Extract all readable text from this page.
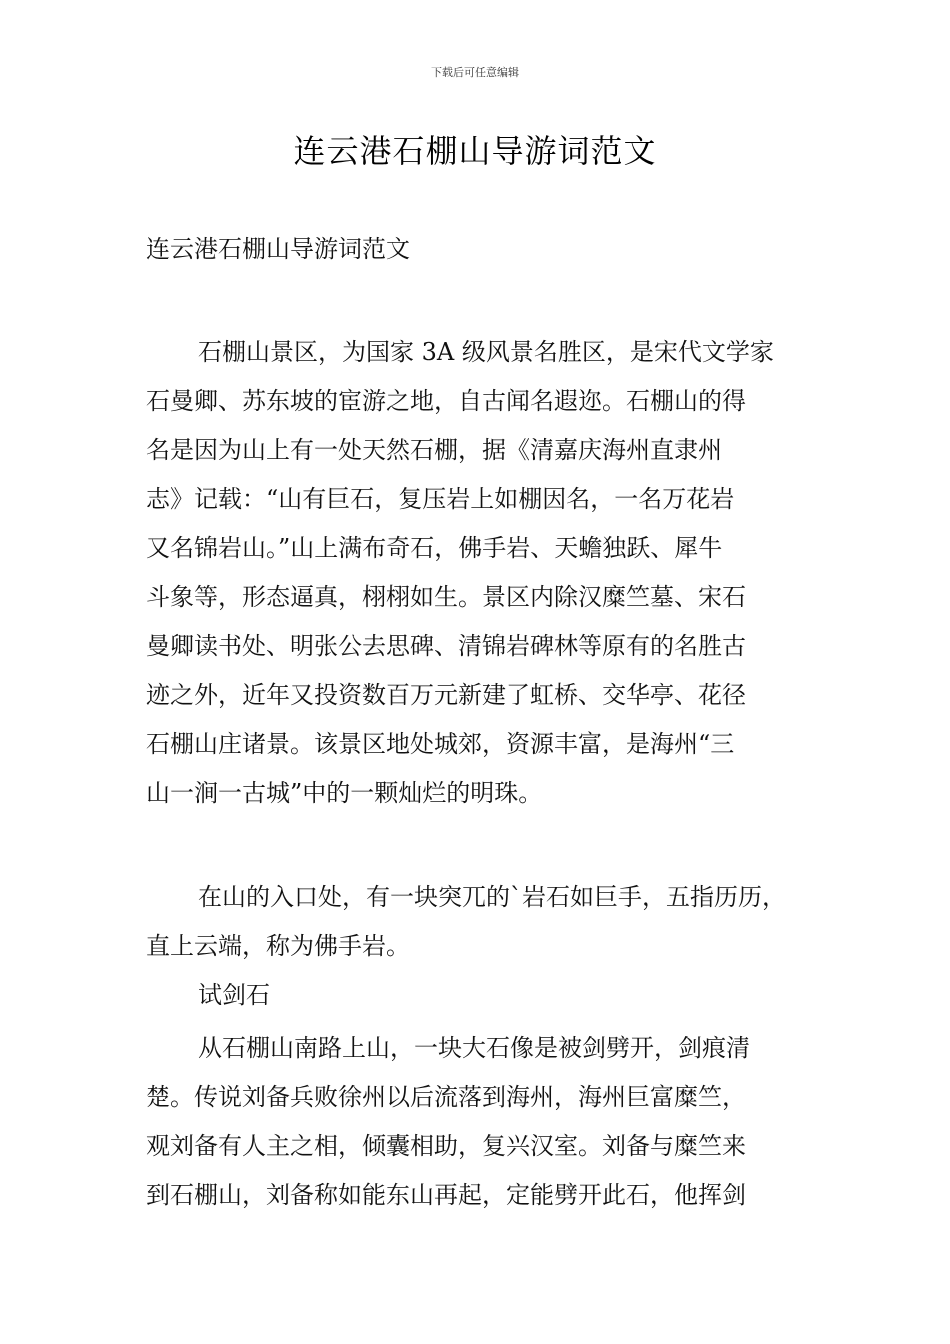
下载后可任意编辑
连云港石棚山导游词范文
连云港石棚山导游词范文
石棚山景区，为国家 3A 级风景名胜区，是宋代文学家
石曼卿、苏东坡的宦游之地，自古闻名遐迩。石棚山的得
名是因为山上有一处天然石棚，据《清嘉庆海州直隶州
志》记载：“山有巨石，复压岩上如棚因名，一名万花岩
又名锦岩山。”山上满布奇石，佛手岩、天蟾独跃、犀牛
斗象等，形态逼真，栩栩如生。景区内除汉糜竺墓、宋石
曼卿读书处、明张公去思碑、清锦岩碑林等原有的名胜古
迹之外，近年又投资数百万元新建了虹桥、交华亭、花径
石棚山庄诸景。该景区地处城郊，资源丰富，是海州“三
山一涧一古城”中的一颗灿烂的明珠。
在山的入口处，有一块突兀的`岩石如巨手，五指历历，
直上云端，称为佛手岩。
试剑石
从石棚山南路上山，一块大石像是被剑劈开，剑痕清
楚。传说刘备兵败徐州以后流落到海州，海州巨富糜竺，
观刘备有人主之相，倾囊相助，复兴汉室。刘备与糜竺来
到石棚山，刘备称如能东山再起，定能劈开此石，他挥剑
